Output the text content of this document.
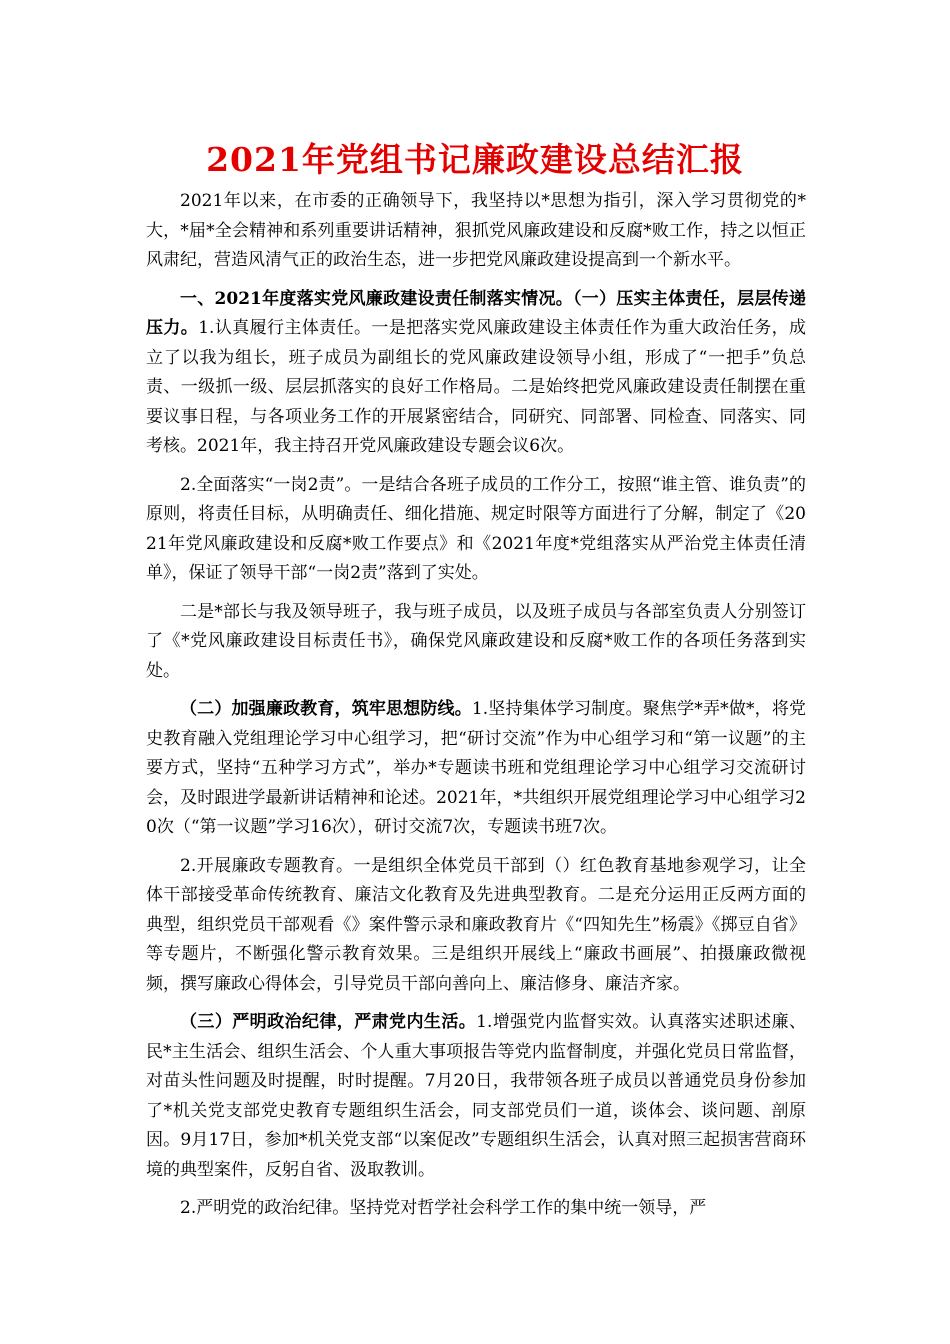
2021年党组书记廉政建设总结汇报

2021年以来，在市委的正确领导下，我坚持以*思想为指引，深入学习贯彻党的*大，*届*全会精神和系列重要讲话精神，狠抓党风廉政建设和反腐*败工作，持之以恒正风肃纪，营造风清气正的政治生态，进一步把党风廉政建设提高到一个新水平。

一、2021年度落实党风廉政建设责任制落实情况。（一）压实主体责任，层层传递压力。1.认真履行主体责任。一是把落实党风廉政建设主体责任作为重大政治任务，成立了以我为组长，班子成员为副组长的党风廉政建设领导小组，形成了“一把手”负总责、一级抓一级、层层抓落实的良好工作格局。二是始终把党风廉政建设责任制摆在重要议事日程，与各项业务工作的开展紧密结合，同研究、同部署、同检查、同落实、同考核。2021年，我主持召开党风廉政建设专题会议6次。

2.全面落实“一岗2责”。一是结合各班子成员的工作分工，按照“谁主管、谁负责”的原则，将责任目标，从明确责任、细化措施、规定时限等方面进行了分解，制定了《2021年党风廉政建设和反腐*败工作要点》和《2021年度*党组落实从严治党主体责任清单》，保证了领导干部“一岗2责”落到了实处。

二是*部长与我及领导班子，我与班子成员，以及班子成员与各部室负责人分别签订了《*党风廉政建设目标责任书》，确保党风廉政建设和反腐*败工作的各项任务落到实处。

（二）加强廉政教育，筑牢思想防线。1.坚持集体学习制度。聚焦学*弄*做*，将党史教育融入党组理论学习中心组学习，把“研讨交流”作为中心组学习和“第一议题”的主要方式，坚持“五种学习方式”，举办*专题读书班和党组理论学习中心组学习交流研讨会，及时跟进学最新讲话精神和论述。2021年，*共组织开展党组理论学习中心组学习20次（“第一议题”学习16次），研讨交流7次，专题读书班7次。

2.开展廉政专题教育。一是组织全体党员干部到（）红色教育基地参观学习，让全体干部接受革命传统教育、廉洁文化教育及先进典型教育。二是充分运用正反两方面的典型，组织党员干部观看《》案件警示录和廉政教育片《“四知先生”杨震》《掷豆自省》等专题片，不断强化警示教育效果。三是组织开展线上“廉政书画展”、拍摄廉政微视频，撰写廉政心得体会，引导党员干部向善向上、廉洁修身、廉洁齐家。

（三）严明政治纪律，严肃党内生活。1.增强党内监督实效。认真落实述职述廉、民*主生活会、组织生活会、个人重大事项报告等党内监督制度，并强化党员日常监督，对苗头性问题及时提醒，时时提醒。7月20日，我带领各班子成员以普通党员身份参加了*机关党支部党史教育专题组织生活会，同支部党员们一道，谈体会、谈问题、剖原因。9月17日，参加*机关党支部“以案促改”专题组织生活会，认真对照三起损害营商环境的典型案件，反躬自省、汲取教训。

2.严明党的政治纪律。坚持党对哲学社会科学工作的集中统一领导，严
